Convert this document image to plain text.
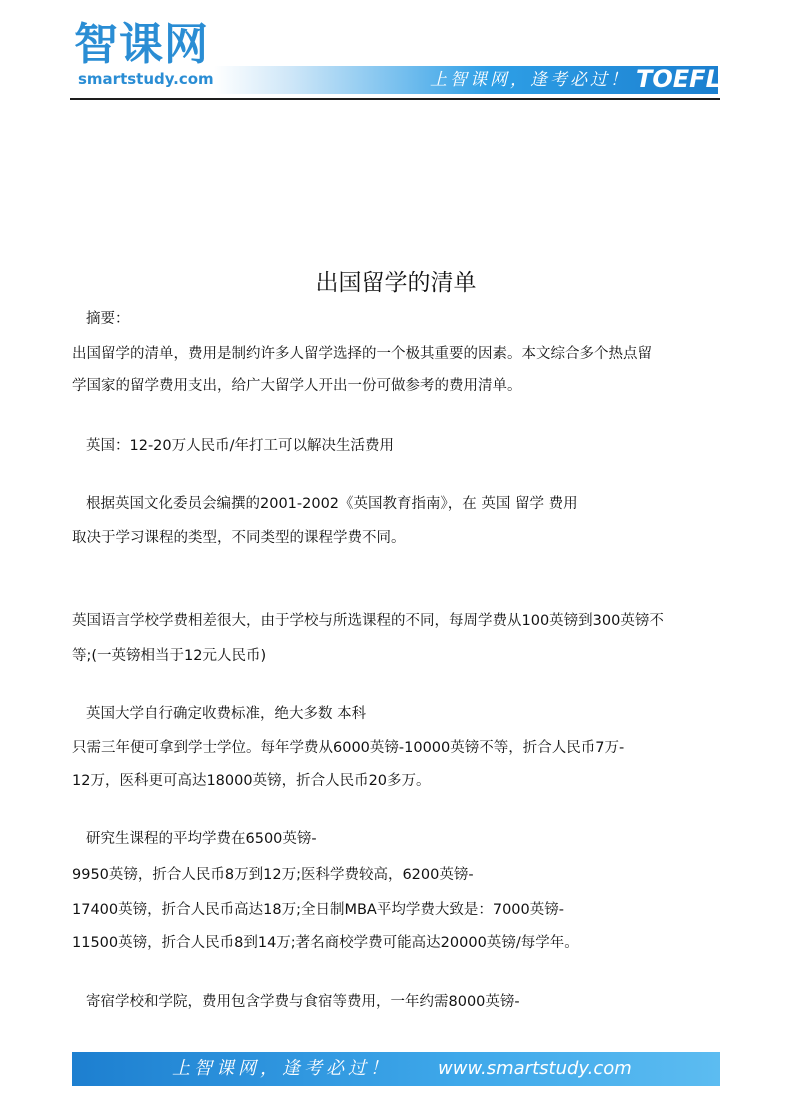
智课网
smartstudy.com	上智课网，逢考必过！ TOEFL
出国留学的清单
摘要：
出国留学的清单，费用是制约许多人留学选择的一个极其重要的因素。本文综合多个热点留
学国家的留学费用支出，给广大留学人开出一份可做参考的费用清单。
英国：12-20万人民币/年打工可以解决生活费用
根据英国文化委员会编撰的2001-2002《英国教育指南》，在 英国 留学 费用
取决于学习课程的类型，不同类型的课程学费不同。
英国语言学校学费相差很大，由于学校与所选课程的不同，每周学费从100英镑到300英镑不
等;(一英镑相当于12元人民币)
英国大学自行确定收费标准，绝大多数 本科
只需三年便可拿到学士学位。每年学费从6000英镑-10000英镑不等，折合人民币7万-
12万，医科更可高达18000英镑，折合人民币20多万。
研究生课程的平均学费在6500英镑-
9950英镑，折合人民币8万到12万;医科学费较高，6200英镑-
17400英镑，折合人民币高达18万;全日制MBA平均学费大致是：7000英镑-
11500英镑，折合人民币8到14万;著名商校学费可能高达20000英镑/每学年。
寄宿学校和学院，费用包含学费与食宿等费用，一年约需8000英镑-
上智课网，逢考必过！	www.smartstudy.com
